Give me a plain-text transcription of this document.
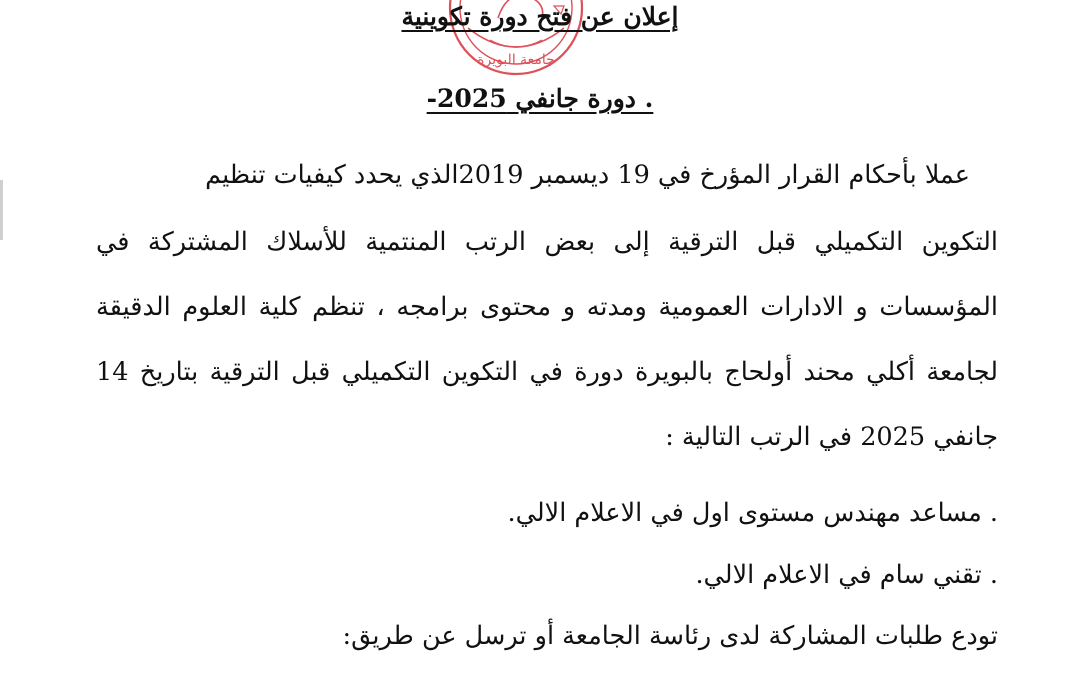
جامعة البويرة
إعلان عن فتح دورة تكوينية
. دورة جانفي 2025-
عملا بأحكام القرار المؤرخ في 19 ديسمبر 2019الذي يحدد كيفيات تنظيم
التكوين التكميلي قبل الترقية إلى بعض الرتب المنتمية للأسلاك المشتركة في
المؤسسات و الادارات العمومية ومدته و محتوى برامجه ، تنظم كلية العلوم الدقيقة
لجامعة أكلي محند أولحاج بالبويرة دورة في التكوين التكميلي قبل الترقية بتاريخ 14
جانفي 2025 في الرتب التالية :
. مساعد مهندس مستوى اول في الاعلام الالي.
. تقني سام في الاعلام الالي.
تودع طلبات المشاركة لدى رئاسة الجامعة أو ترسل عن طريق:
